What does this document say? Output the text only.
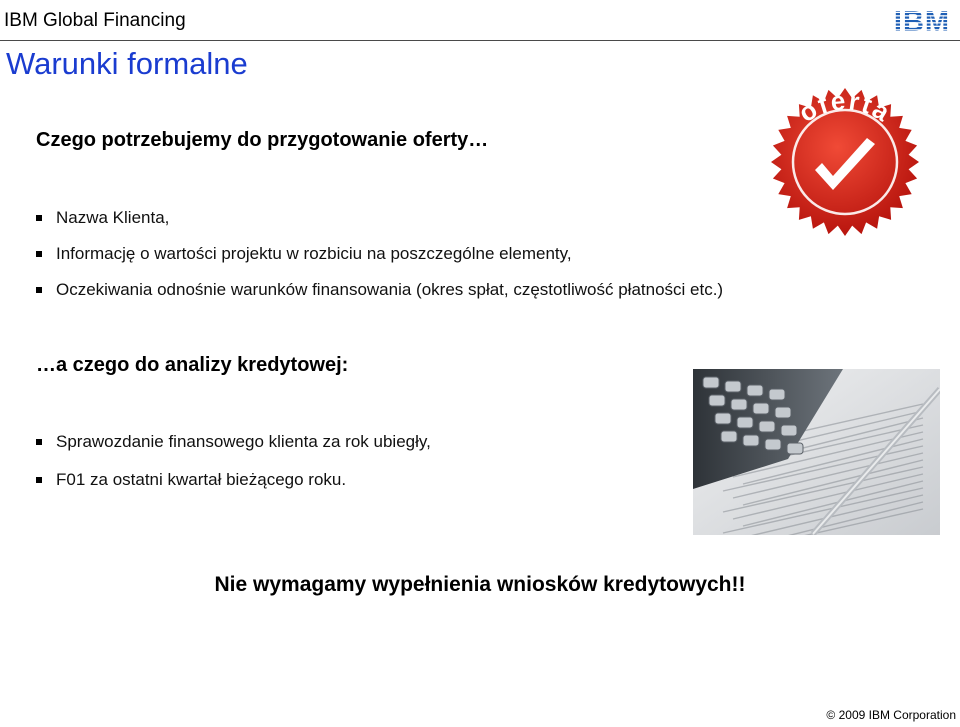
IBM Global Financing	IBM
Warunki formalne
Czego potrzebujemy do przygotowanie oferty…
Nazwa Klienta,
Informację o wartości projektu w rozbiciu na poszczególne elementy,
Oczekiwania odnośnie warunków finansowania (okres spłat, częstotliwość płatności etc.)
…a czego do analizy kredytowej:
Sprawozdanie finansowego klienta za rok ubiegły,
F01 za ostatni kwartał bieżącego roku.
oferta
Nie wymagamy wypełnienia wniosków kredytowych!!
© 2009 IBM Corporation
